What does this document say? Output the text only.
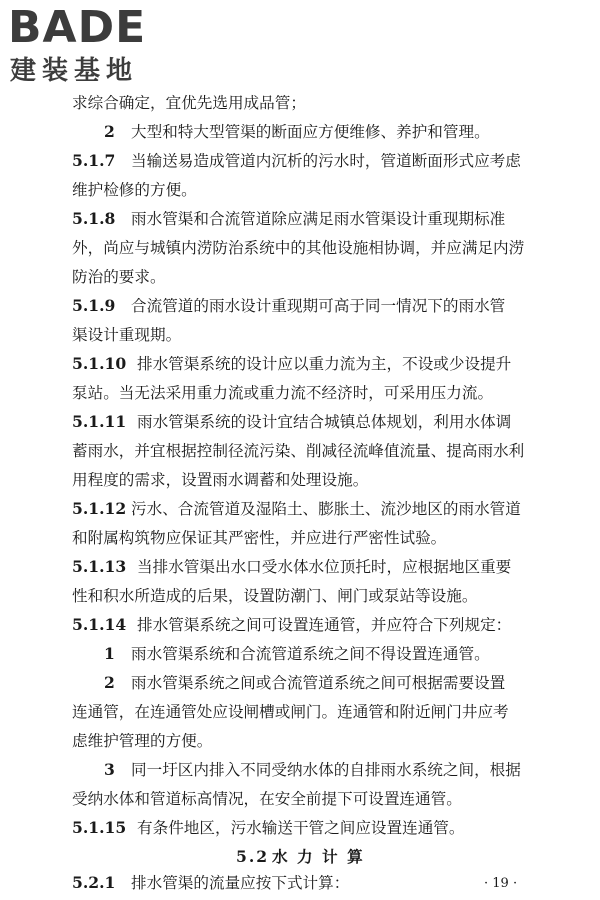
BADE
建装基地
求综合确定，宜优先选用成品管；
2 大型和特大型管渠的断面应方便维修、养护和管理。
5.1.7 当输送易造成管道内沉析的污水时，管道断面形式应考虑
维护检修的方便。
5.1.8 雨水管渠和合流管道除应满足雨水管渠设计重现期标准
外，尚应与城镇内涝防治系统中的其他设施相协调，并应满足内涝
防治的要求。
5.1.9 合流管道的雨水设计重现期可高于同一情况下的雨水管
渠设计重现期。
5.1.10 排水管渠系统的设计应以重力流为主，不设或少设提升
泵站。当无法采用重力流或重力流不经济时，可采用压力流。
5.1.11 雨水管渠系统的设计宜结合城镇总体规划，利用水体调
蓄雨水，并宜根据控制径流污染、削减径流峰值流量、提高雨水利
用程度的需求，设置雨水调蓄和处理设施。
5.1.12 污水、合流管道及湿陷土、膨胀土、流沙地区的雨水管道
和附属构筑物应保证其严密性，并应进行严密性试验。
5.1.13 当排水管渠出水口受水体水位顶托时，应根据地区重要
性和积水所造成的后果，设置防潮门、闸门或泵站等设施。
5.1.14 排水管渠系统之间可设置连通管，并应符合下列规定：
1 雨水管渠系统和合流管道系统之间不得设置连通管。
2 雨水管渠系统之间或合流管道系统之间可根据需要设置
连通管，在连通管处应设闸槽或闸门。连通管和附近闸门井应考
虑维护管理的方便。
3 同一圩区内排入不同受纳水体的自排雨水系统之间，根据
受纳水体和管道标高情况，在安全前提下可设置连通管。
5.1.15 有条件地区，污水输送干管之间应设置连通管。
5.2 水 力 计 算
5.2.1 排水管渠的流量应按下式计算：	· 19 ·
